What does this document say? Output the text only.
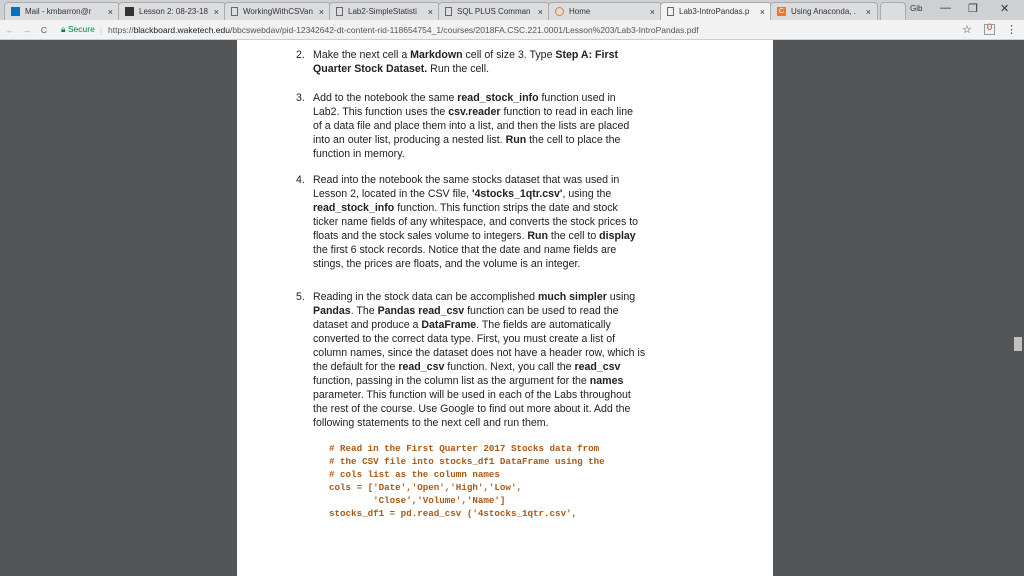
Mail - kmbarron@r	×	Lesson 2: 08-23-18 ×	WorkingWithCSVan ×	Lab2-SimpleStatisti	×	SQL PLUS Comman ×	Home	×	Lab3-IntroPandas.p	× C Using Anaconda, .	×	Gib — ❐ ✕
←	→	C	🔒︎ Secure | https://blackboard.waketech.edu/bbcswebdav/pid-12342642-dt-content-rid-118654754_1/courses/2018FA.CSC.221.0001/Lesson%203/Lab3-IntroPandas.pdf	☆	Ü ⋮
2. Make the next cell a Markdown cell of size 3. Type Step A: First
Quarter Stock Dataset. Run the cell.
3. Add to the notebook the same read_stock_info function used in
Lab2. This function uses the csv.reader function to read in each line
of a data file and place them into a list, and then the lists are placed
into an outer list, producing a nested list. Run the cell to place the
function in memory.
4. Read into the notebook the same stocks dataset that was used in
Lesson 2, located in the CSV file, '4stocks_1qtr.csv', using the
read_stock_info function. This function strips the date and stock
ticker name fields of any whitespace, and converts the stock prices to
floats and the stock sales volume to integers. Run the cell to display
the first 6 stock records. Notice that the date and name fields are
stings, the prices are floats, and the volume is an integer.
5. Reading in the stock data can be accomplished much simpler using
Pandas. The Pandas read_csv function can be used to read the
dataset and produce a DataFrame. The fields are automatically
converted to the correct data type. First, you must create a list of
column names, since the dataset does not have a header row, which is
the default for the read_csv function. Next, you call the read_csv
function, passing in the column list as the argument for the names
parameter. This function will be used in each of the Labs throughout
the rest of the course. Use Google to find out more about it. Add the
following statements to the next cell and run them.
# Read in the First Quarter 2017 Stocks data from
# the CSV file into stocks_df1 DataFrame using the
# cols list as the column names
cols = ['Date','Open','High','Low',
'Close','Volume','Name']
stocks_df1 = pd.read_csv ('4stocks_1qtr.csv',
